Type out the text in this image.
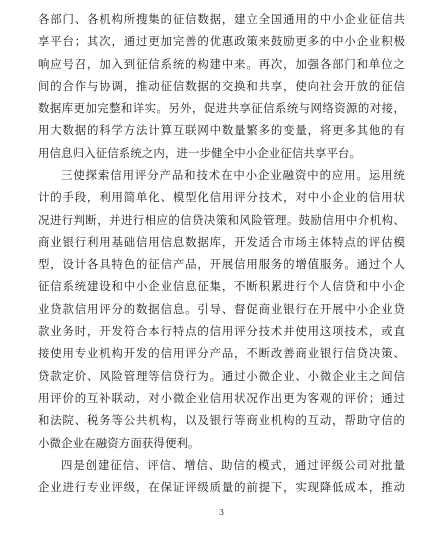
各部门、各机构所搜集的征信数据，建立全国通用的中小企业征信共
享平台；其次，通过更加完善的优惠政策来鼓励更多的中小企业积极
响应号召，加入到征信系统的构建中来。再次，加强各部门和单位之
间的合作与协调，推动征信数据的交换和共享，使向社会开放的征信
数据库更加完整和详实。另外，促进共享征信系统与网络资源的对接，
用大数据的科学方法计算互联网中数量繁多的变量，将更多其他的有
用信息归入征信系统之内，进一步健全中小企业征信共享平台。
三使探索信用评分产品和技术在中小企业融资中的应用。运用统
计的手段，利用简单化、模型化信用评分技术，对中小企业的信用状
况进行判断，并进行相应的信贷决策和风险管理。鼓励信用中介机构、
商业银行利用基础信用信息数据库，开发适合市场主体特点的评估模
型，设计各具特色的征信产品，开展信用服务的增值服务。通过个人
征信系统建设和中小企业信息征集，不断积累进行个人信贷和中小企
业贷款信用评分的数据信息。引导、督促商业银行在开展中小企业贷
款业务时，开发符合本行特点的信用评分技术并使用这项技术，或直
接使用专业机构开发的信用评分产品，不断改善商业银行信贷决策、
贷款定价、风险管理等信贷行为。通过小微企业、小微企业主之间信
用评价的互补联动，对小微企业信用状况作出更为客观的评价；通过
和法院、税务等公共机构，以及银行等商业机构的互动，帮助守信的
小微企业在融资方面获得便利。
四是创建征信、评信、增信、助信的模式，通过评级公司对批量
企业进行专业评级，在保证评级质量的前提下，实现降低成本，推动
3
